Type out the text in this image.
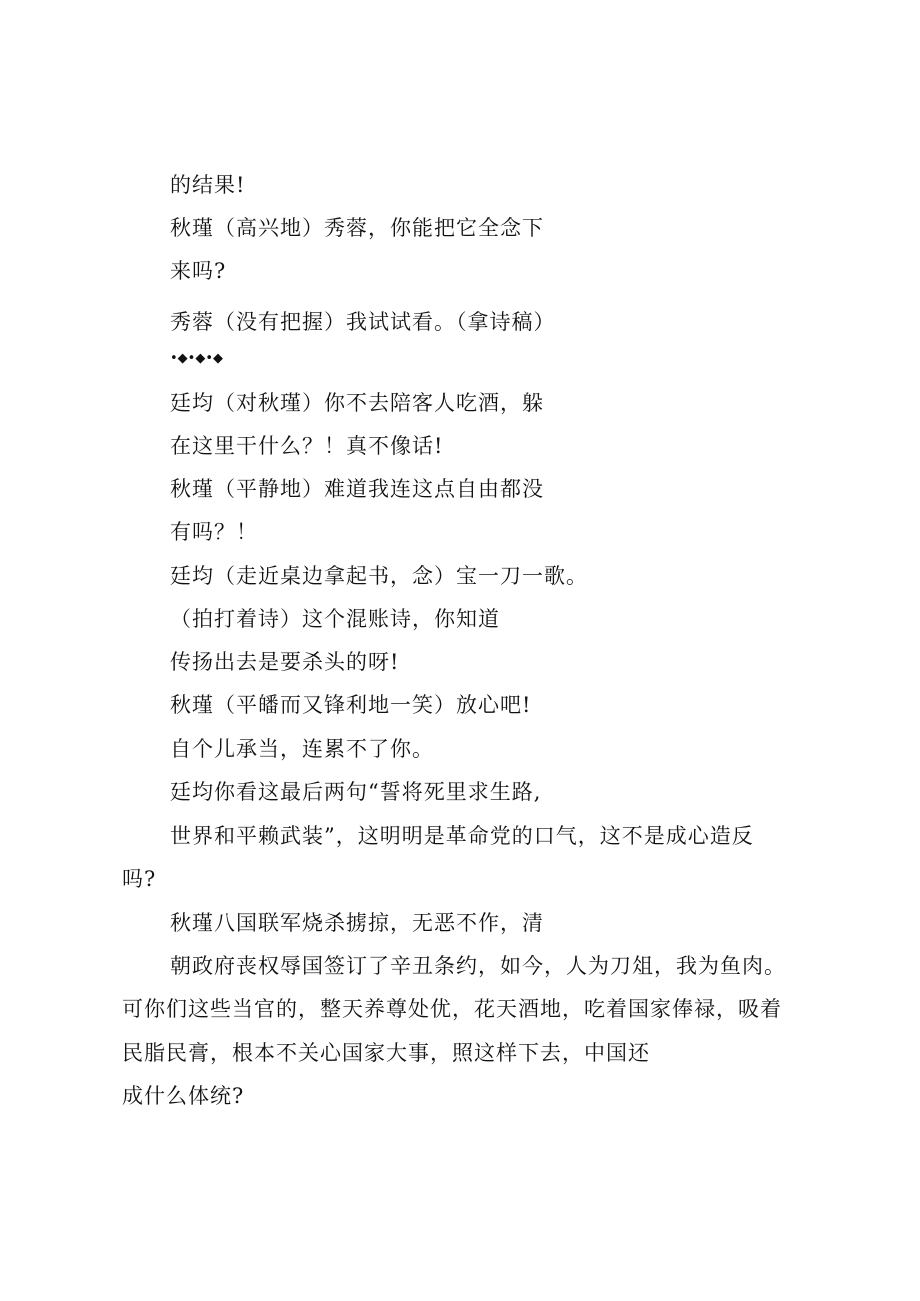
的结果!

秋瑾（高兴地）秀蓉，你能把它全念下

来吗?

秀蓉（没有把握）我试试看。（拿诗稿）

•◆•◆•◆

廷均（对秋瑾）你不去陪客人吃酒，躲

在这里干什么？！真不像话!

秋瑾（平静地）难道我连这点自由都没

有吗？！

廷均（走近桌边拿起书，念）宝一刀一歌。

（拍打着诗）这个混账诗，你知道

传扬出去是要杀头的呀!

秋瑾（平皤而又锋利地一笑）放心吧!

自个儿承当，连累不了你。

廷均你看这最后两句“誓将死里求生路,

世界和平赖武装”，这明明是革命党的口气，这不是成心造反

吗?

秋瑾八国联军烧杀掳掠，无恶不作，清

朝政府丧权辱国签订了辛丑条约，如今，人为刀俎，我为鱼肉。

可你们这些当官的，整天养尊处优，花天酒地，吃着国家俸禄，吸着

民脂民膏，根本不关心国家大事，照这样下去，中国还

成什么体统?
